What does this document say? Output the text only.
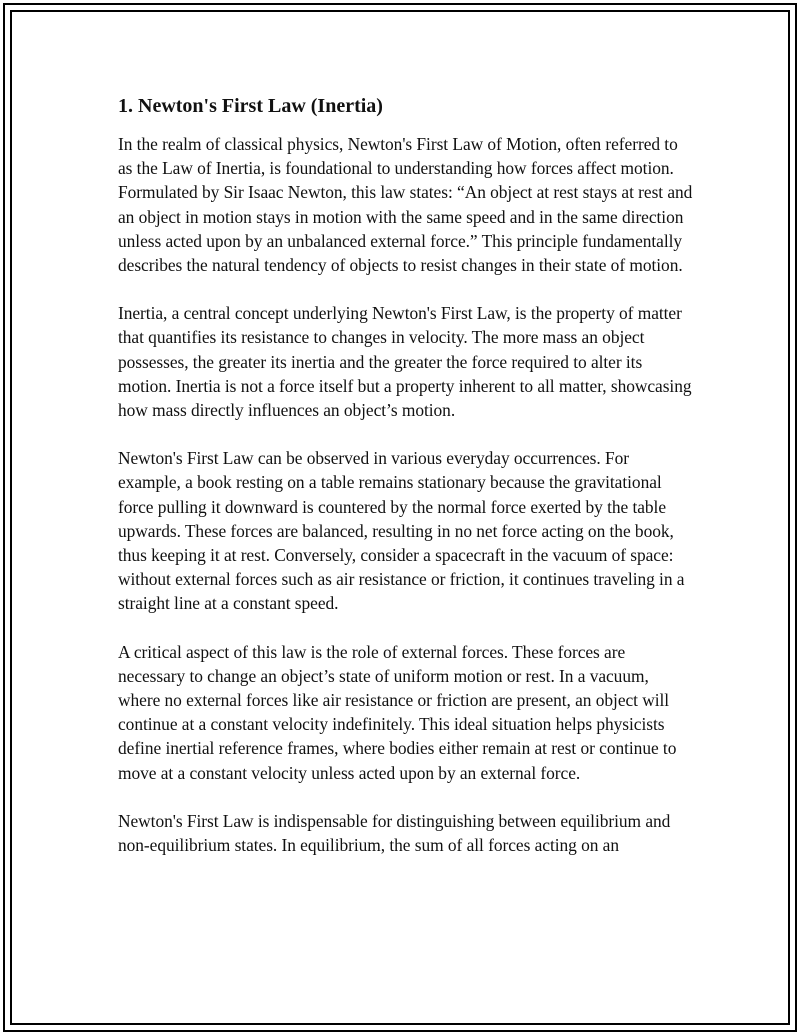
1. Newton's First Law (Inertia)

In the realm of classical physics, Newton's First Law of Motion, often referred to as the Law of Inertia, is foundational to understanding how forces affect motion. Formulated by Sir Isaac Newton, this law states: “An object at rest stays at rest and an object in motion stays in motion with the same speed and in the same direction unless acted upon by an unbalanced external force.” This principle fundamentally describes the natural tendency of objects to resist changes in their state of motion.

Inertia, a central concept underlying Newton's First Law, is the property of matter that quantifies its resistance to changes in velocity. The more mass an object possesses, the greater its inertia and the greater the force required to alter its motion. Inertia is not a force itself but a property inherent to all matter, showcasing how mass directly influences an object’s motion.

Newton's First Law can be observed in various everyday occurrences. For example, a book resting on a table remains stationary because the gravitational force pulling it downward is countered by the normal force exerted by the table upwards. These forces are balanced, resulting in no net force acting on the book, thus keeping it at rest. Conversely, consider a spacecraft in the vacuum of space: without external forces such as air resistance or friction, it continues traveling in a straight line at a constant speed.

A critical aspect of this law is the role of external forces. These forces are necessary to change an object’s state of uniform motion or rest. In a vacuum, where no external forces like air resistance or friction are present, an object will continue at a constant velocity indefinitely. This ideal situation helps physicists define inertial reference frames, where bodies either remain at rest or continue to move at a constant velocity unless acted upon by an external force.

Newton's First Law is indispensable for distinguishing between equilibrium and non-equilibrium states. In equilibrium, the sum of all forces acting on an
